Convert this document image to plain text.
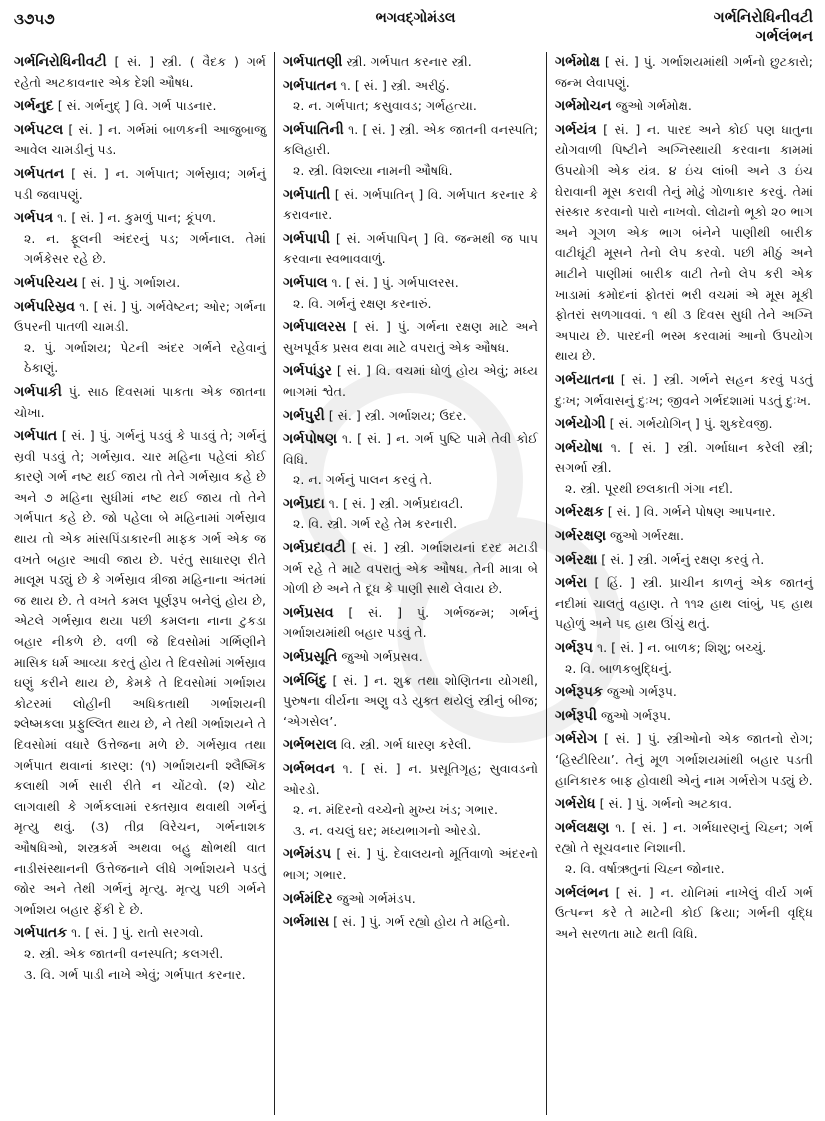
૩૭૫૭	ભગવદ્ગોમંડલ	ગર્ભનિરોધિનીવટી
ગર્ભલંભન

ગર્ભનિરોધિનીવટી [ સં. ] સ્ત્રી. ( વૈદક ) ગર્ભ રહેતો અટકાવનાર એક દેશી ઔષધ.

ગર્ભનુદ [ સં. ગર્ભનુદ્ ] વિ. ગર્ભ પાડનાર.

ગર્ભપટલ [ સં. ] ન. ગર્ભમાં બાળકની આજુબાજુ આવેલ ચામડીનું પડ.

ગર્ભપતન [ સં. ] ન. ગર્ભપાત; ગર્ભસ્રાવ; ગર્ભનું પડી જવાપણું.

ગર્ભપત્ર ૧. [ સં. ] ન. કુમળું પાન; કૂંપળ.
૨. ન. ફૂલની અંદરનું પડ; ગર્ભનાલ. તેમાં ગર્ભકેસર રહે છે.

ગર્ભપરિચય [ સં. ] પું. ગર્ભાશય.

ગર્ભપરિસ્રવ ૧. [ સં. ] પું. ગર્ભવેષ્ટન; ઓર; ગર્ભના ઉપરની પાતળી ચામડી.
૨. પું. ગર્ભાશય; પેટની અંદર ગર્ભને રહેવાનું ઠેકાણું.

ગર્ભપાકી પું. સાઠ દિવસમાં પાકતા એક જાતના ચોખા.

ગર્ભપાત [ સં. ] પું. ગર્ભનું પડવું કે પાડવું તે; ગર્ભનું સ્રવી પડવું તે; ગર્ભસ્રાવ. ચાર મહિના પહેલાં કોઈ કારણે ગર્ભ નષ્ટ થઈ જાય તો તેને ગર્ભસ્રાવ કહે છે અને ૭ મહિના સુધીમાં નષ્ટ થઈ જાય તો તેને ગર્ભપાત કહે છે. જો પહેલા બે મહિનામાં ગર્ભસ્રાવ થાય તો એક માંસપિંડાકારની માફક ગર્ભ એક જ વખતે બહાર આવી જાય છે. પરંતુ સાધારણ રીતે માલૂમ પડ્યું છે કે ગર્ભસ્રાવ ત્રીજા મહિનાના અંતમાં જ થાય છે. તે વખતે કમલ પૂર્ણરૂપ બનેલું હોય છે, એટલે ગર્ભસ્રાવ થયા પછી કમલના નાના ટુકડા બહાર નીકળે છે. વળી જે દિવસોમાં ગર્ભિણીને માસિક ધર્મ આવ્યા કરતું હોય તે દિવસોમાં ગર્ભસ્રાવ ઘણું કરીને થાય છે, કેમકે તે દિવસોમાં ગર્ભાશય કોટરમાં લોહીની અધિકતાથી ગર્ભાશયની શ્લેષ્મકલા પ્રફુલ્લિત થાય છે, ને તેથી ગર્ભાશયને તે દિવસોમાં વધારે ઉત્તેજના મળે છે. ગર્ભસ્રાવ તથા ગર્ભપાત થવાનાં કારણ: (૧) ગર્ભાશયની શ્લૈષ્મિક કલાથી ગર્ભ સારી રીતે ન ચોંટવો. (૨) ચોટ લાગવાથી કે ગર્ભકલામાં રક્તસ્રાવ થવાથી ગર્ભનું મૃત્યુ થવું. (૩) તીવ્ર વિરેચન, ગર્ભનાશક ઔષધિઓ, શસ્ત્રકર્મ અથવા બહુ ક્ષોભથી વાત નાડીસંસ્થાનની ઉત્તેજનાને લીધે ગર્ભાશયને પડતું જોર અને તેથી ગર્ભનું મૃત્યુ. મૃત્યુ પછી ગર્ભને ગર્ભાશય બહાર ફેંકી દે છે.

ગર્ભપાતક ૧. [ સં. ] પું. રાતો સરગવો.
૨. સ્ત્રી. એક જાતની વનસ્પતિ; કલગરી.
૩. વિ. ગર્ભ પાડી નાખે એવું; ગર્ભપાત કરનાર.

ગર્ભપાતણી સ્ત્રી. ગર્ભપાત કરનાર સ્ત્રી.

ગર્ભપાતન ૧. [ સં. ] સ્ત્રી. અરીઠું.
૨. ન. ગર્ભપાત; કસુવાવડ; ગર્ભહત્યા.

ગર્ભપાતિની ૧. [ સં. ] સ્ત્રી. એક જાતની વનસ્પતિ; કલિહારી.
૨. સ્ત્રી. વિશલ્યા નામની ઔષધિ.

ગર્ભપાતી [ સં. ગર્ભપાતિન્ ] વિ. ગર્ભપાત કરનાર કે કરાવનાર.

ગર્ભપાપી [ સં. ગર્ભપાપિન્ ] વિ. જન્મથી જ પાપ કરવાના સ્વભાવવાળું.

ગર્ભપાલ ૧. [ સં. ] પું. ગર્ભપાલરસ.
૨. વિ. ગર્ભનું રક્ષણ કરનારું.

ગર્ભપાલરસ [ સં. ] પું. ગર્ભના રક્ષણ માટે અને સુખપૂર્વક પ્રસવ થવા માટે વપરાતું એક ઔષધ.

ગર્ભપાંડુર [ સં. ] વિ. વચમાં ધોળું હોય એવું; મધ્ય ભાગમાં શ્વેત.

ગર્ભપુરી [ સં. ] સ્ત્રી. ગર્ભાશય; ઉદર.

ગર્ભપોષણ ૧. [ સં. ] ન. ગર્ભ પુષ્ટિ પામે તેવી કોઈ વિધિ.
૨. ન. ગર્ભનું પાલન કરવું તે.

ગર્ભપ્રદા ૧. [ સં. ] સ્ત્રી. ગર્ભપ્રદાવટી.
૨. વિ. સ્ત્રી. ગર્ભ રહે તેમ કરનારી.

ગર્ભપ્રદાવટી [ સં. ] સ્ત્રી. ગર્ભાશયનાં દરદ મટાડી ગર્ભ રહે તે માટે વપરાતું એક ઔષધ. તેની માત્રા બે ગોળી છે અને તે દૂધ કે પાણી સાથે લેવાય છે.

ગર્ભપ્રસવ [ સં. ] પું. ગર્ભજન્મ; ગર્ભનું ગર્ભાશયમાંથી બહાર પડવું તે.

ગર્ભપ્રસૂતિ જુઓ ગર્ભપ્રસવ.

ગર્ભબિંદુ [ સં. ] ન. શુક્ર તથા શોણિતના યોગથી, પુરુષના વીર્યના અણુ વડે યુક્ત થયેલું સ્ત્રીનું બીજ; ‘એગસેલ’.

ગર્ભભરાલ વિ. સ્ત્રી. ગર્ભ ધારણ કરેલી.

ગર્ભભવન ૧. [ સં. ] ન. પ્રસૂતિગૃહ; સુવાવડનો ઓરડો.
૨. ન. મંદિરનો વચ્ચેનો મુખ્ય ખંડ; ગભાર.
૩. ન. વચલું ઘર; મધ્યભાગનો ઓરડો.

ગર્ભમંડપ [ સં. ] પું. દેવાલયનો મૂર્તિવાળો અંદરનો ભાગ; ગભાર.

ગર્ભમંદિર જુઓ ગર્ભમંડપ.

ગર્ભમાસ [ સં. ] પું. ગર્ભ રહ્યો હોય તે મહિનો.

ગર્ભમોક્ષ [ સં. ] પું. ગર્ભાશયમાંથી ગર્ભનો છુટકારો; જન્મ લેવાપણું.

ગર્ભમોચન જુઓ ગર્ભમોક્ષ.

ગર્ભયંત્ર [ સં. ] ન. પારદ અને કોઈ પણ ધાતુના યોગવાળી પિષ્ટીને અગ્નિસ્થાયી કરવાના કામમાં ઉપયોગી એક યંત્ર. ૪ ઇંચ લાંબી અને ૩ ઇંચ ઘેરાવાની મૂસ કરાવી તેનું મોઢું ગોળાકાર કરવું. તેમાં સંસ્કાર કરવાનો પારો નાખવો. લોઢાનો ભૂકો ૨૦ ભાગ અને ગૂગળ એક ભાગ બંનેને પાણીથી બારીક વાટીઘૂંટી મૂસને તેનો લેપ કરવો. પછી મીઠું અને માટીને પાણીમાં બારીક વાટી તેનો લેપ કરી એક ખાડામાં કમોદનાં ફોતરાં ભરી વચમાં એ મૂસ મૂકી ફોતરાં સળગાવવાં. ૧ થી ૩ દિવસ સુધી તેને અગ્નિ અપાય છે. પારદની ભસ્મ કરવામાં આનો ઉપયોગ થાય છે.

ગર્ભયાતના [ સં. ] સ્ત્રી. ગર્ભને સહન કરવું પડતું દુઃખ; ગર્ભવાસનું દુઃખ; જીવને ગર્ભદશામાં પડતું દુઃખ.

ગર્ભયોગી [ સં. ગર્ભયોગિન્ ] પું. શુકદેવજી.

ગર્ભયોષા ૧. [ સં. ] સ્ત્રી. ગર્ભાધાન કરેલી સ્ત્રી; સગર્ભા સ્ત્રી.
૨. સ્ત્રી. પૂરથી છલકાતી ગંગા નદી.

ગર્ભરક્ષક [ સં. ] વિ. ગર્ભને પોષણ આપનાર.

ગર્ભરક્ષણ જુઓ ગર્ભરક્ષા.

ગર્ભરક્ષા [ સં. ] સ્ત્રી. ગર્ભનું રક્ષણ કરવું તે.

ગર્ભરા [ હિં. ] સ્ત્રી. પ્રાચીન કાળનું એક જાતનું નદીમાં ચાલતું વહાણ. તે ૧૧૨ હાથ લાંબું, ૫૬ હાથ પહોળું અને ૫૬ હાથ ઊંચું થતું.

ગર્ભરૂપ ૧. [ સં. ] ન. બાળક; શિશુ; બચ્ચું.
૨. વિ. બાળકબુદ્ધિનું.

ગર્ભરૂપક જુઓ ગર્ભરૂપ.

ગર્ભરૂપી જુઓ ગર્ભરૂપ.

ગર્ભરોગ [ સં. ] પું. સ્ત્રીઓનો એક જાતનો રોગ; ‘હિસ્ટીરિયા’. તેનું મૂળ ગર્ભાશયમાંથી બહાર પડતી હાનિકારક બાફ હોવાથી એનું નામ ગર્ભરોગ પડ્યું છે.

ગર્ભરોધ [ સં. ] પું. ગર્ભનો અટકાવ.

ગર્ભલક્ષણ ૧. [ સં. ] ન. ગર્ભધારણનું ચિહ્ન; ગર્ભ રહ્યો તે સૂચવનાર નિશાની.
૨. વિ. વર્ષાઋતુનાં ચિહ્ન જોનાર.

ગર્ભલંભન [ સં. ] ન. યોનિમાં નાખેલું વીર્ય ગર્ભ ઉત્પન્ન કરે તે માટેની કોઈ ક્રિયા; ગર્ભની વૃદ્ધિ અને સરળતા માટે થતી વિધિ.
